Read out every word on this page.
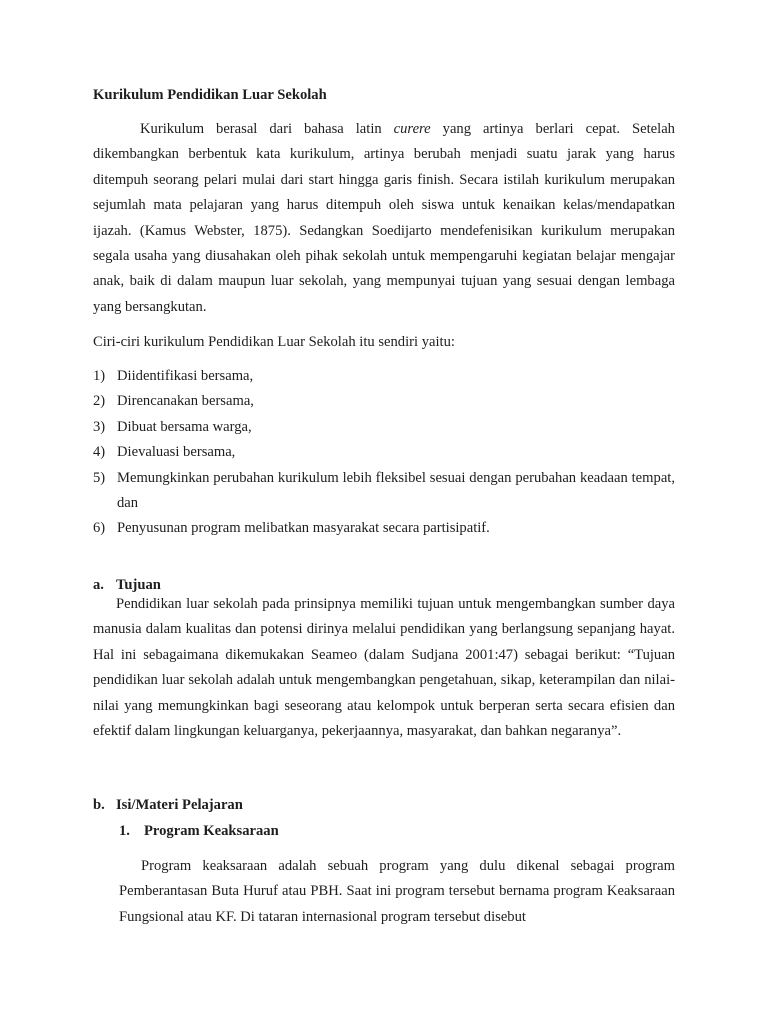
Kurikulum Pendidikan Luar Sekolah

Kurikulum berasal dari bahasa latin curere yang artinya berlari cepat. Setelah dikembangkan berbentuk kata kurikulum, artinya berubah menjadi suatu jarak yang harus ditempuh seorang pelari mulai dari start hingga garis finish. Secara istilah kurikulum merupakan sejumlah mata pelajaran yang harus ditempuh oleh siswa untuk kenaikan kelas/mendapatkan ijazah. (Kamus Webster, 1875). Sedangkan Soedijarto mendefenisikan kurikulum merupakan segala usaha yang diusahakan oleh pihak sekolah untuk mempengaruhi kegiatan belajar mengajar anak, baik di dalam maupun luar sekolah, yang mempunyai tujuan yang sesuai dengan lembaga yang bersangkutan.

Ciri-ciri kurikulum Pendidikan Luar Sekolah itu sendiri yaitu:

1) Diidentifikasi bersama,
2) Direncanakan bersama,
3) Dibuat bersama warga,
4) Dievaluasi bersama,
5) Memungkinkan perubahan kurikulum lebih fleksibel sesuai dengan perubahan keadaan tempat, dan
6) Penyusunan program melibatkan masyarakat secara partisipatif.
a. Tujuan

Pendidikan luar sekolah pada prinsipnya memiliki tujuan untuk mengembangkan sumber daya manusia dalam kualitas dan potensi dirinya melalui pendidikan yang berlangsung sepanjang hayat. Hal ini sebagaimana dikemukakan Seameo (dalam Sudjana 2001:47) sebagai berikut: “Tujuan pendidikan luar sekolah adalah untuk mengembangkan pengetahuan, sikap, keterampilan dan nilai-nilai yang memungkinkan bagi seseorang atau kelompok untuk berperan serta secara efisien dan efektif dalam lingkungan keluarganya, pekerjaannya, masyarakat, dan bahkan negaranya”.

b. Isi/Materi Pelajaran
1. Program Keaksaraan

Program keaksaraan adalah sebuah program yang dulu dikenal sebagai program Pemberantasan Buta Huruf atau PBH. Saat ini program tersebut bernama program Keaksaraan Fungsional atau KF. Di tataran internasional program tersebut disebut
